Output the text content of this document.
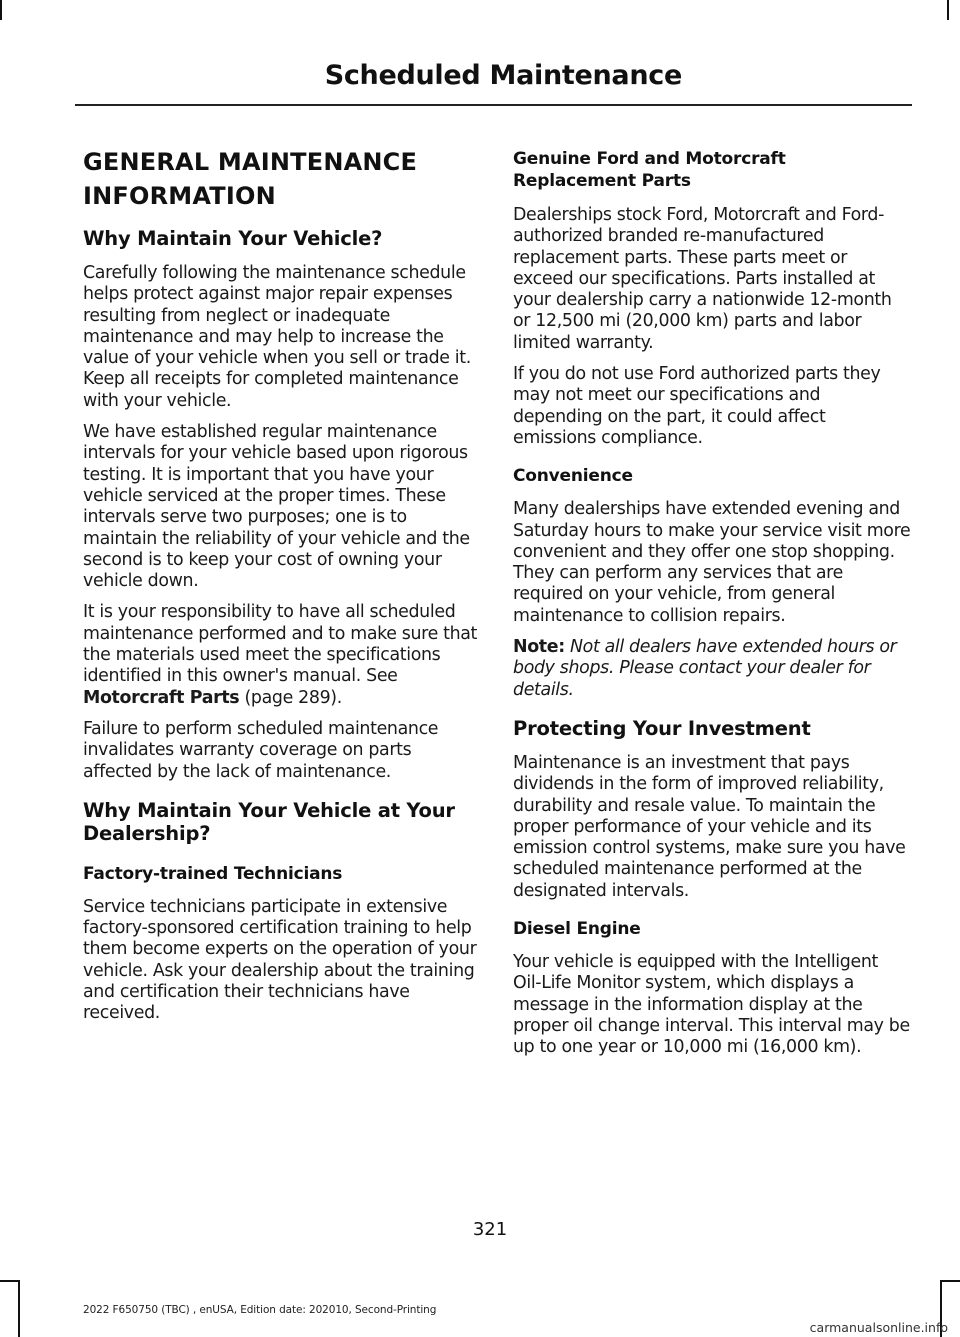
Scheduled Maintenance
GENERAL MAINTENANCE
INFORMATION
Why Maintain Your Vehicle?

Carefully following the maintenance schedule helps protect against major repair expenses resulting from neglect or inadequate maintenance and may help to increase the value of your vehicle when you sell or trade it. Keep all receipts for completed maintenance with your vehicle.

We have established regular maintenance intervals for your vehicle based upon rigorous testing. It is important that you have your vehicle serviced at the proper times. These intervals serve two purposes; one is to maintain the reliability of your vehicle and the second is to keep your cost of owning your vehicle down.

It is your responsibility to have all scheduled maintenance performed and to make sure that the materials used meet the specifications identified in this owner's manual. See Motorcraft Parts (page 289).

Failure to perform scheduled maintenance invalidates warranty coverage on parts affected by the lack of maintenance.

Why Maintain Your Vehicle at Your Dealership?
Factory-trained Technicians

Service technicians participate in extensive factory-sponsored certification training to help them become experts on the operation of your vehicle. Ask your dealership about the training and certification their technicians have received.

Genuine Ford and Motorcraft Replacement Parts

Dealerships stock Ford, Motorcraft and Ford-authorized branded re-manufactured replacement parts. These parts meet or exceed our specifications. Parts installed at your dealership carry a nationwide 12-month or 12,500 mi (20,000 km) parts and labor limited warranty.

If you do not use Ford authorized parts they may not meet our specifications and depending on the part, it could affect emissions compliance.

Convenience

Many dealerships have extended evening and Saturday hours to make your service visit more convenient and they offer one stop shopping. They can perform any services that are required on your vehicle, from general maintenance to collision repairs.

Note: Not all dealers have extended hours or body shops. Please contact your dealer for details.

Protecting Your Investment

Maintenance is an investment that pays dividends in the form of improved reliability, durability and resale value. To maintain the proper performance of your vehicle and its emission control systems, make sure you have scheduled maintenance performed at the designated intervals.

Diesel Engine

Your vehicle is equipped with the Intelligent Oil-Life Monitor system, which displays a message in the information display at the proper oil change interval. This interval may be up to one year or 10,000 mi (16,000 km).

321
2022 F650750 (TBC) , enUSA, Edition date: 202010, Second-Printing
carmanualsonline.info
